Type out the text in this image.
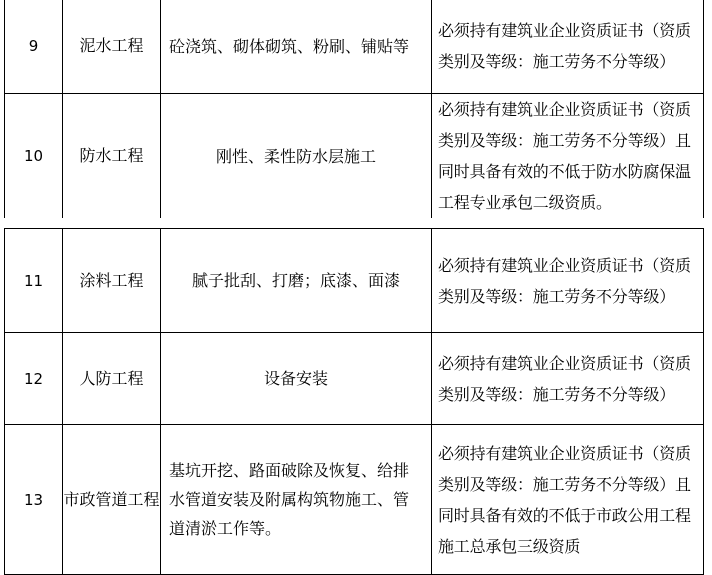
9	泥水工程	砼浇筑、砌体砌筑、粉刷、铺贴等	必须持有建筑业企业资质证书（资质类别及等级：施工劳务不分等级）
10	防水工程	刚性、柔性防水层施工	必须持有建筑业企业资质证书（资质类别及等级：施工劳务不分等级）且同时具备有效的不低于防水防腐保温工程专业承包二级资质。
11	涂料工程	腻子批刮、打磨；底漆、面漆	必须持有建筑业企业资质证书（资质类别及等级：施工劳务不分等级）
12	人防工程	设备安装	必须持有建筑业企业资质证书（资质类别及等级：施工劳务不分等级）
13	市政管道工程	基坑开挖、路面破除及恢复、给排水管道安装及附属构筑物施工、管道清淤工作等。	必须持有建筑业企业资质证书（资质类别及等级：施工劳务不分等级）且同时具备有效的不低于市政公用工程施工总承包三级资质
